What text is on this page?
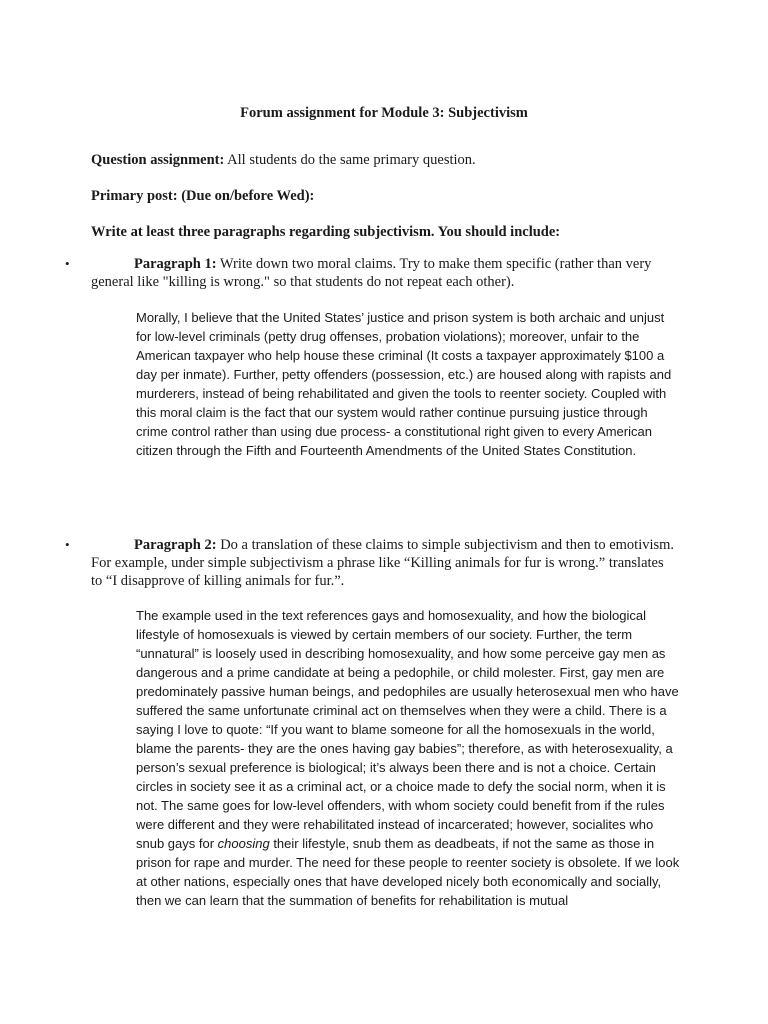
Forum assignment for Module 3: Subjectivism
Question assignment: All students do the same primary question.
Primary post: (Due on/before Wed):
Write at least three paragraphs regarding subjectivism. You should include:
•	Paragraph 1: Write down two moral claims. Try to make them specific (rather than very general like "killing is wrong." so that students do not repeat each other).

Morally, I believe that the United States’ justice and prison system is both archaic and unjust for low-level criminals (petty drug offenses, probation violations); moreover, unfair to the American taxpayer who help house these criminal (It costs a taxpayer approximately $100 a day per inmate). Further, petty offenders (possession, etc.) are housed along with rapists and murderers, instead of being rehabilitated and given the tools to reenter society. Coupled with this moral claim is the fact that our system would rather continue pursuing justice through crime control rather than using due process- a constitutional right given to every American citizen through the Fifth and Fourteenth Amendments of the United States Constitution.

•	Paragraph 2: Do a translation of these claims to simple subjectivism and then to emotivism. For example, under simple subjectivism a phrase like “Killing animals for fur is wrong.” translates to “I disapprove of killing animals for fur.”.

The example used in the text references gays and homosexuality, and how the biological lifestyle of homosexuals is viewed by certain members of our society. Further, the term “unnatural” is loosely used in describing homosexuality, and how some perceive gay men as dangerous and a prime candidate at being a pedophile, or child molester. First, gay men are predominately passive human beings, and pedophiles are usually heterosexual men who have suffered the same unfortunate criminal act on themselves when they were a child. There is a saying I love to quote: “If you want to blame someone for all the homosexuals in the world, blame the parents- they are the ones having gay babies”; therefore, as with heterosexuality, a person’s sexual preference is biological; it’s always been there and is not a choice. Certain circles in society see it as a criminal act, or a choice made to defy the social norm, when it is not. The same goes for low-level offenders, with whom society could benefit from if the rules were different and they were rehabilitated instead of incarcerated; however, socialites who snub gays for choosing their lifestyle, snub them as deadbeats, if not the same as those in prison for rape and murder. The need for these people to reenter society is obsolete. If we look at other nations, especially ones that have developed nicely both economically and socially, then we can learn that the summation of benefits for rehabilitation is mutual
